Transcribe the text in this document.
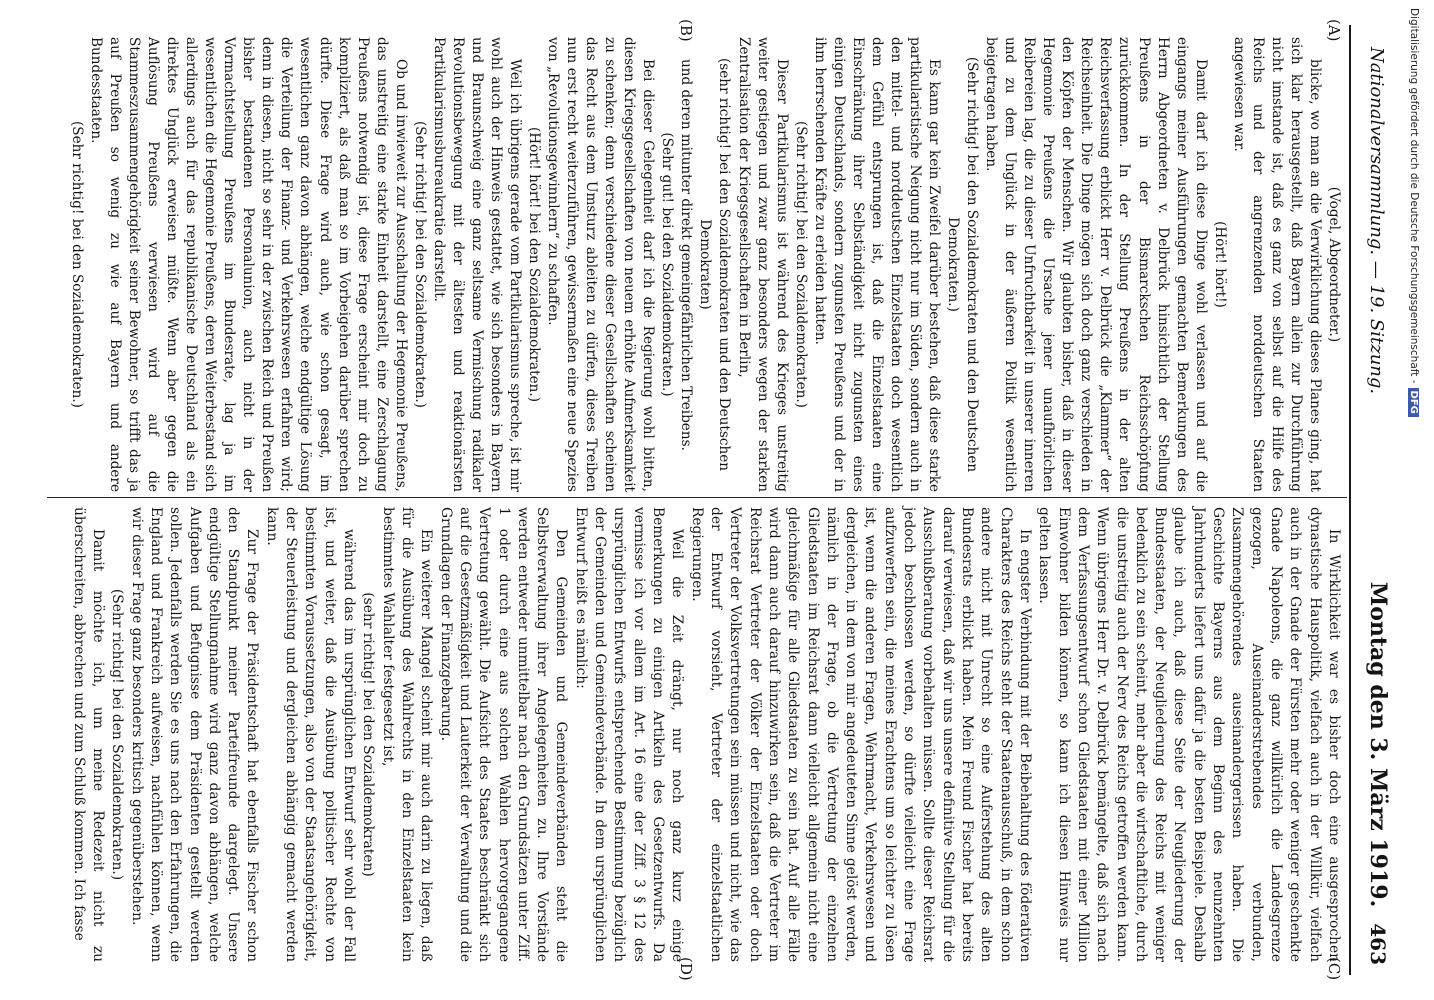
Nationalversammlung. — 19. Sitzung.
Montag den 3. März 1919.463
(A)
(B)
(C)
(D)

(Vogel, Abgeordneter.)

blicke, wo man an die Verwirklichung dieses Planes ging, hat sich klar herausgestellt, daß Bayern allein zur Durchführung nicht imstande ist, daß es ganz von selbst auf die Hilfe des Reichs und der angrenzenden norddeutschen Staaten angewiesen war.

(Hört! hört!)

Damit darf ich diese Dinge wohl verlassen und auf die eingangs meiner Ausführungen gemachten Bemerkungen des Herrn Abgeordneten v. Delbrück hinsichtlich der Stellung Preußens in der Bismarckschen Reichsschöpfung zurückkommen. In der Stellung Preußens in der alten Reichsverfassung erblickt Herr v. Delbrück die „Klammer“ der Reichseinheit. Die Dinge mögen sich doch ganz verschieden in den Köpfen der Menschen. Wir glaubten bisher, daß in dieser Hegemonie Preußens die Ursache jener unaufhörlichen Reibereien lag, die zu dieser Unfruchtbarkeit in unserer inneren und zu dem Unglück in der äußeren Politik wesentlich beigetragen haben.

(Sehr richtig! bei den Sozialdemokraten und den Deutschen Demokraten.)

Es kann gar kein Zweifel darüber bestehen, daß diese starke partikularistische Neigung nicht nur im Süden, sondern auch in den mittel- und norddeutschen Einzelstaaten doch wesentlich dem Gefühl entsprungen ist, daß die Einzelstaaten eine Einschränkung ihrer Selbständigkeit nicht zugunsten eines einigen Deutschlands, sondern zugunsten Preußens und der in ihm herrschenden Kräfte zu erleiden hatten.

(Sehr richtig! bei den Sozialdemokraten.)

Dieser Partikularismus ist während des Krieges unstreitig weiter gestiegen und zwar ganz besonders wegen der starken Zentralisation der Kriegsgesellschaften in Berlin,

(sehr richtig! bei den Sozialdemokraten und den Deutschen Demokraten)

und deren mitunter direkt gemeingefährlichen Treibens.

(Sehr gut! bei den Sozialdemokraten.)

Bei dieser Gelegenheit darf ich die Regierung wohl bitten, diesen Kriegsgesellschaften von neuem erhöhte Aufmerksamkeit zu schenken; denn verschiedene dieser Gesellschaften scheinen das Recht aus dem Umsturz ableiten zu dürfen, dieses Treiben nun erst recht weiterzuführen, gewissermaßen eine neue Spezies von „Revolutionsgewinnlern“ zu schaffen.

(Hört! hört! bei den Sozialdemokraten.)

Weil ich übrigens gerade vom Partikularismus spreche, ist mir wohl auch der Hinweis gestattet, wie sich besonders in Bayern und Braunschweig eine ganz seltsame Vermischung radikaler Revolutionsbewegung mit der ältesten und reaktionärsten Partikularismusbureaukratie darstellt.

(Sehr richtig! bei den Sozialdemokraten.)

Ob und inwieweit zur Ausschaltung der Hegemonie Preußens, das unstreitig eine starke Einheit darstellt, eine Zerschlagung Preußens notwendig ist, diese Frage erscheint mir doch zu kompliziert, als daß man so im Vorbeigehen darüber sprechen dürfte. Diese Frage wird auch, wie schon gesagt, im wesentlichen ganz davon abhängen, welche endgültige Lösung die Verteilung der Finanz- und Verkehrswesen erfahren wird; denn in diesen, nicht so sehr in der zwischen Reich und Preußen bisher bestandenen Personalunion, auch nicht in der Vormachtstellung Preußens im Bundesrate, lag ja im wesentlichen die Hegemonie Preußens, deren Weiterbestand sich allerdings auch für das republikanische Deutschland als ein direktes Unglück erweisen müßte. Wenn aber gegen die Auflösung Preußens verwiesen wird auf die Stammeszusammengehörigkeit seiner Bewohner, so trifft das ja auf Preußen so wenig zu wie auf Bayern und andere Bundesstaaten.

(Sehr richtig! bei den Sozialdemokraten.)

In Wirklichkeit war es bisher doch eine ausgesprochen dynastische Hauspolitik, vielfach auch in der Willkür, vielfach auch in der Gnade der Fürsten mehr oder weniger geschenkte Gnade Napoleons, die ganz willkürlich die Landesgrenze gezogen, Auseinanderstrebendes verbunden, Zusammengehörendes auseinandergerissen haben. Die Geschichte Bayerns aus dem Beginn des neunzehnten Jahrhunderts liefert uns dafür ja die besten Beispiele. Deshalb glaube ich auch, daß diese Seite der Neugliederung der Bundesstaaten, der Neugliederung des Reichs mit weniger bedenklich zu sein scheint, mehr aber die wirtschaftliche, durch die unstreitig auch der Nerv des Reichs getroffen werden kann. Wenn übrigens Herr Dr. v. Delbrück bemängelte, daß sich nach dem Verfassungsentwurf schon Gliedstaaten mit einer Million Einwohner bilden können, so kann ich diesen Hinweis nur gelten lassen.

In engster Verbindung mit der Beibehaltung des föderativen Charakters des Reichs steht der Staatenausschuß, in dem schon andere nicht mit Unrecht so eine Auferstehung des alten Bundesrats erblickt haben. Mein Freund Fischer hat bereits darauf verwiesen, daß wir uns unsere definitive Stellung für die Ausschußberatung vorbehalten müssen. Sollte dieser Reichsrat jedoch beschlossen werden, so dürfte vielleicht eine Frage aufzuwerfen sein, die meines Erachtens um so leichter zu lösen ist, wenn die anderen Fragen, Wehrmacht, Verkehrswesen und dergleichen, in dem von mir angedeuteten Sinne gelöst werden, nämlich in der Frage, ob die Vertretung der einzelnen Gliedstaaten im Reichsrat dann vielleicht allgemein nicht eine gleichmäßige für alle Gliedstaaten zu sein hat. Auf alle Fälle wird dann auch darauf hinzuwirken sein, daß die Vertreter im Reichsrat Vertreter der Völker der Einzelstaaten oder doch Vertreter der Volksvertretungen sein müssen und nicht, wie das der Entwurf vorsieht, Vertreter der einzelstaatlichen Regierungen.

Weil die Zeit drängt, nur noch ganz kurz einige Bemerkungen zu einigen Artikeln des Gesetzentwurfs. Da vermisse ich vor allem im Art. 16 eine der Ziff. 3 § 12 des ursprünglichen Entwurfs entsprechende Bestimmung bezüglich der Gemeinden und Gemeindeverbände. In dem ursprünglichen Entwurf heißt es nämlich:

Den Gemeinden und Gemeindeverbänden steht die Selbstverwaltung ihrer Angelegenheiten zu. Ihre Vorstände werden entweder unmittelbar nach den Grundsätzen unter Ziff. 1 oder durch eine aus solchen Wahlen hervorgegangene Vertretung gewählt. Die Aufsicht des Staates beschränkt sich auf die Gesetzmäßigkeit und Lauterkeit der Verwaltung und die Grundlagen der Finanzgebarung.

Ein weiterer Mangel scheint mir auch darin zu liegen, daß für die Ausübung des Wahlrechts in den Einzelstaaten kein bestimmtes Wahlalter festgesetzt ist,

(sehr richtig! bei den Sozialdemokraten)

während das im ursprünglichen Entwurf sehr wohl der Fall ist, und weiter, daß die Ausübung politischer Rechte von bestimmten Voraussetzungen, also von der Staatsangehörigkeit, der Steuerleistung und dergleichen abhängig gemacht werden kann.

Zur Frage der Präsidentschaft hat ebenfalls Fischer schon den Standpunkt meiner Parteifreunde dargelegt. Unsere endgültige Stellungnahme wird ganz davon abhängen, welche Aufgaben und Befugnisse dem Präsidenten gestellt werden sollen. Jedenfalls werden Sie es uns nach den Erfahrungen, die England und Frankreich aufweisen, nachfühlen können, wenn wir dieser Frage ganz besonders kritisch gegenüberstehen.

(Sehr richtig! bei den Sozialdemokraten.)

Damit möchte ich, um meine Redezeit nicht zu überschreiten, abbrechen und zum Schluß kommen. Ich fasse

Digitalisierung gefördert durch die Deutsche Forschungsgemeinschaft -DFG
